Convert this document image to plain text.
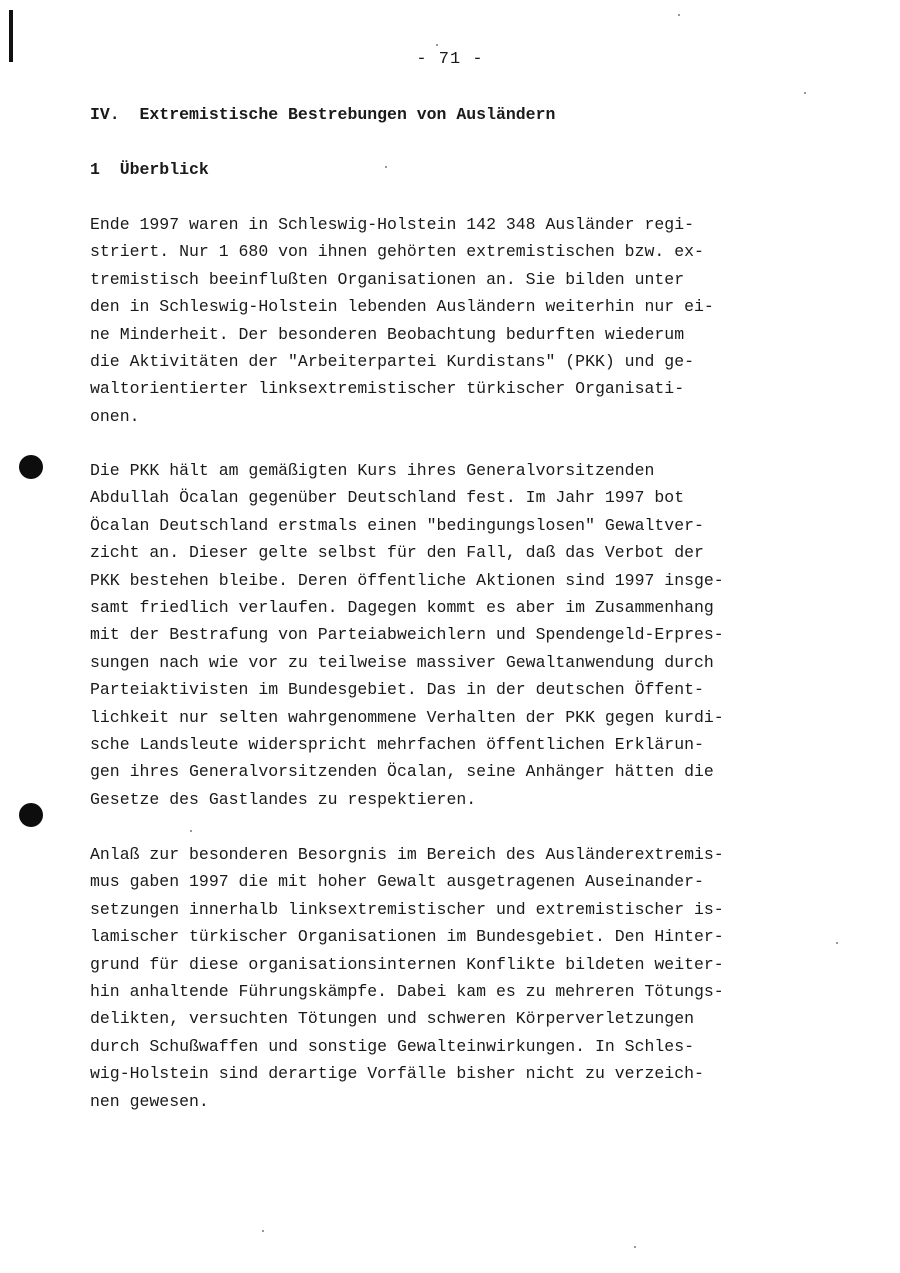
- 71 -
IV.  Extremistische Bestrebungen von Ausländern
1  Überblick

Ende 1997 waren in Schleswig-Holstein 142 348 Ausländer regi-
striert. Nur 1 680 von ihnen gehörten extremistischen bzw. ex-
tremistisch beeinflußten Organisationen an. Sie bilden unter
den in Schleswig-Holstein lebenden Ausländern weiterhin nur ei-
ne Minderheit. Der besonderen Beobachtung bedurften wiederum
die Aktivitäten der "Arbeiterpartei Kurdistans" (PKK) und ge-
waltorientierter linksextremistischer türkischer Organisati-
onen.

Die PKK hält am gemäßigten Kurs ihres Generalvorsitzenden
Abdullah Öcalan gegenüber Deutschland fest. Im Jahr 1997 bot
Öcalan Deutschland erstmals einen "bedingungslosen" Gewaltver-
zicht an. Dieser gelte selbst für den Fall, daß das Verbot der
PKK bestehen bleibe. Deren öffentliche Aktionen sind 1997 insge-
samt friedlich verlaufen. Dagegen kommt es aber im Zusammenhang
mit der Bestrafung von Parteiabweichlern und Spendengeld-Erpres-
sungen nach wie vor zu teilweise massiver Gewaltanwendung durch
Parteiaktivisten im Bundesgebiet. Das in der deutschen Öffent-
lichkeit nur selten wahrgenommene Verhalten der PKK gegen kurdi-
sche Landsleute widerspricht mehrfachen öffentlichen Erklärun-
gen ihres Generalvorsitzenden Öcalan, seine Anhänger hätten die
Gesetze des Gastlandes zu respektieren.

Anlaß zur besonderen Besorgnis im Bereich des Ausländerextremis-
mus gaben 1997 die mit hoher Gewalt ausgetragenen Auseinander-
setzungen innerhalb linksextremistischer und extremistischer is-
lamischer türkischer Organisationen im Bundesgebiet. Den Hinter-
grund für diese organisationsinternen Konflikte bildeten weiter-
hin anhaltende Führungskämpfe. Dabei kam es zu mehreren Tötungs-
delikten, versuchten Tötungen und schweren Körperverletzungen
durch Schußwaffen und sonstige Gewalteinwirkungen. In Schles-
wig-Holstein sind derartige Vorfälle bisher nicht zu verzeich-
nen gewesen.
